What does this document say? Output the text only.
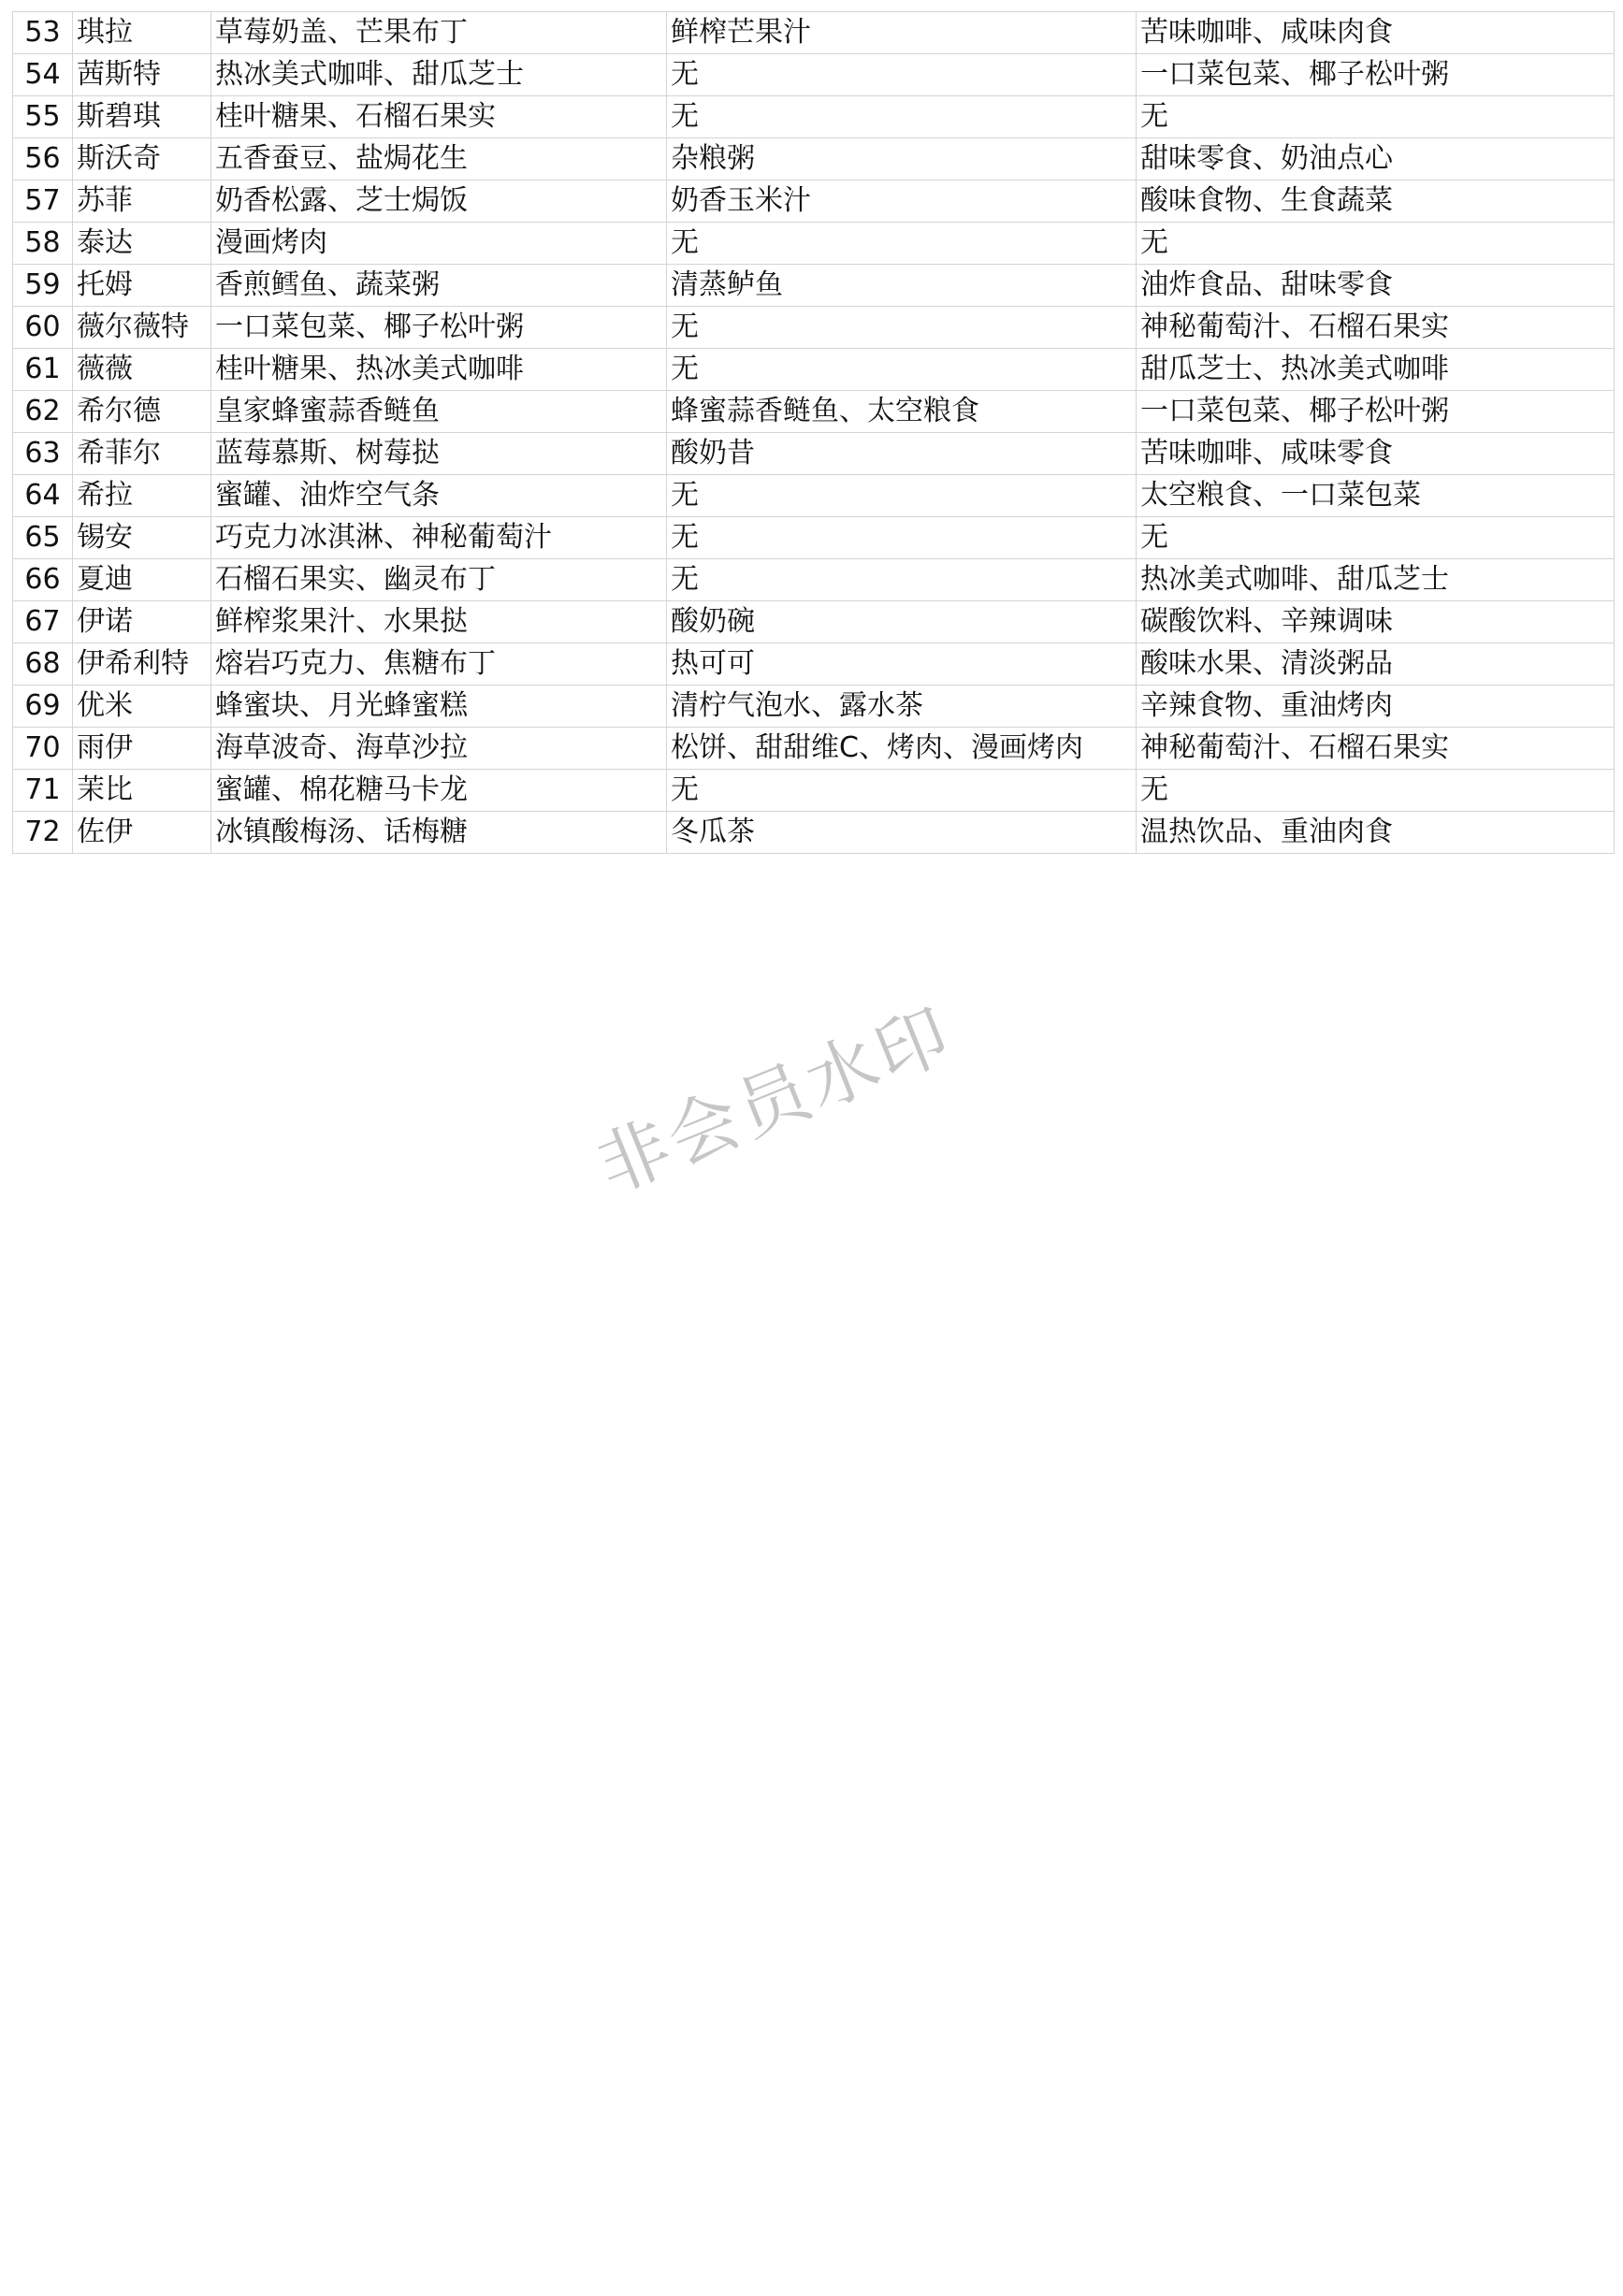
53	琪拉	草莓奶盖、芒果布丁	鲜榨芒果汁	苦味咖啡、咸味肉食
54	茜斯特	热冰美式咖啡、甜瓜芝士	无	一口菜包菜、椰子松叶粥
55	斯碧琪	桂叶糖果、石榴石果实	无	无
56	斯沃奇	五香蚕豆、盐焗花生	杂粮粥	甜味零食、奶油点心
57	苏菲	奶香松露、芝士焗饭	奶香玉米汁	酸味食物、生食蔬菜
58	泰达	漫画烤肉	无	无
59	托姆	香煎鳕鱼、蔬菜粥	清蒸鲈鱼	油炸食品、甜味零食
60	薇尔薇特	一口菜包菜、椰子松叶粥	无	神秘葡萄汁、石榴石果实
61	薇薇	桂叶糖果、热冰美式咖啡	无	甜瓜芝士、热冰美式咖啡
62	希尔德	皇家蜂蜜蒜香鲢鱼	蜂蜜蒜香鲢鱼、太空粮食	一口菜包菜、椰子松叶粥
63	希菲尔	蓝莓慕斯、树莓挞	酸奶昔	苦味咖啡、咸味零食
64	希拉	蜜罐、油炸空气条	无	太空粮食、一口菜包菜
65	锡安	巧克力冰淇淋、神秘葡萄汁	无	无
66	夏迪	石榴石果实、幽灵布丁	无	热冰美式咖啡、甜瓜芝士
67	伊诺	鲜榨浆果汁、水果挞	酸奶碗	碳酸饮料、辛辣调味
68	伊希利特	熔岩巧克力、焦糖布丁	热可可	酸味水果、清淡粥品
69	优米	蜂蜜块、月光蜂蜜糕	清柠气泡水、露水茶	辛辣食物、重油烤肉
70	雨伊	海草波奇、海草沙拉	松饼、甜甜维C、烤肉、漫画烤肉	神秘葡萄汁、石榴石果实
71	茉比	蜜罐、棉花糖马卡龙	无	无
72	佐伊	冰镇酸梅汤、话梅糖	冬瓜茶	温热饮品、重油肉食
非会员水印
